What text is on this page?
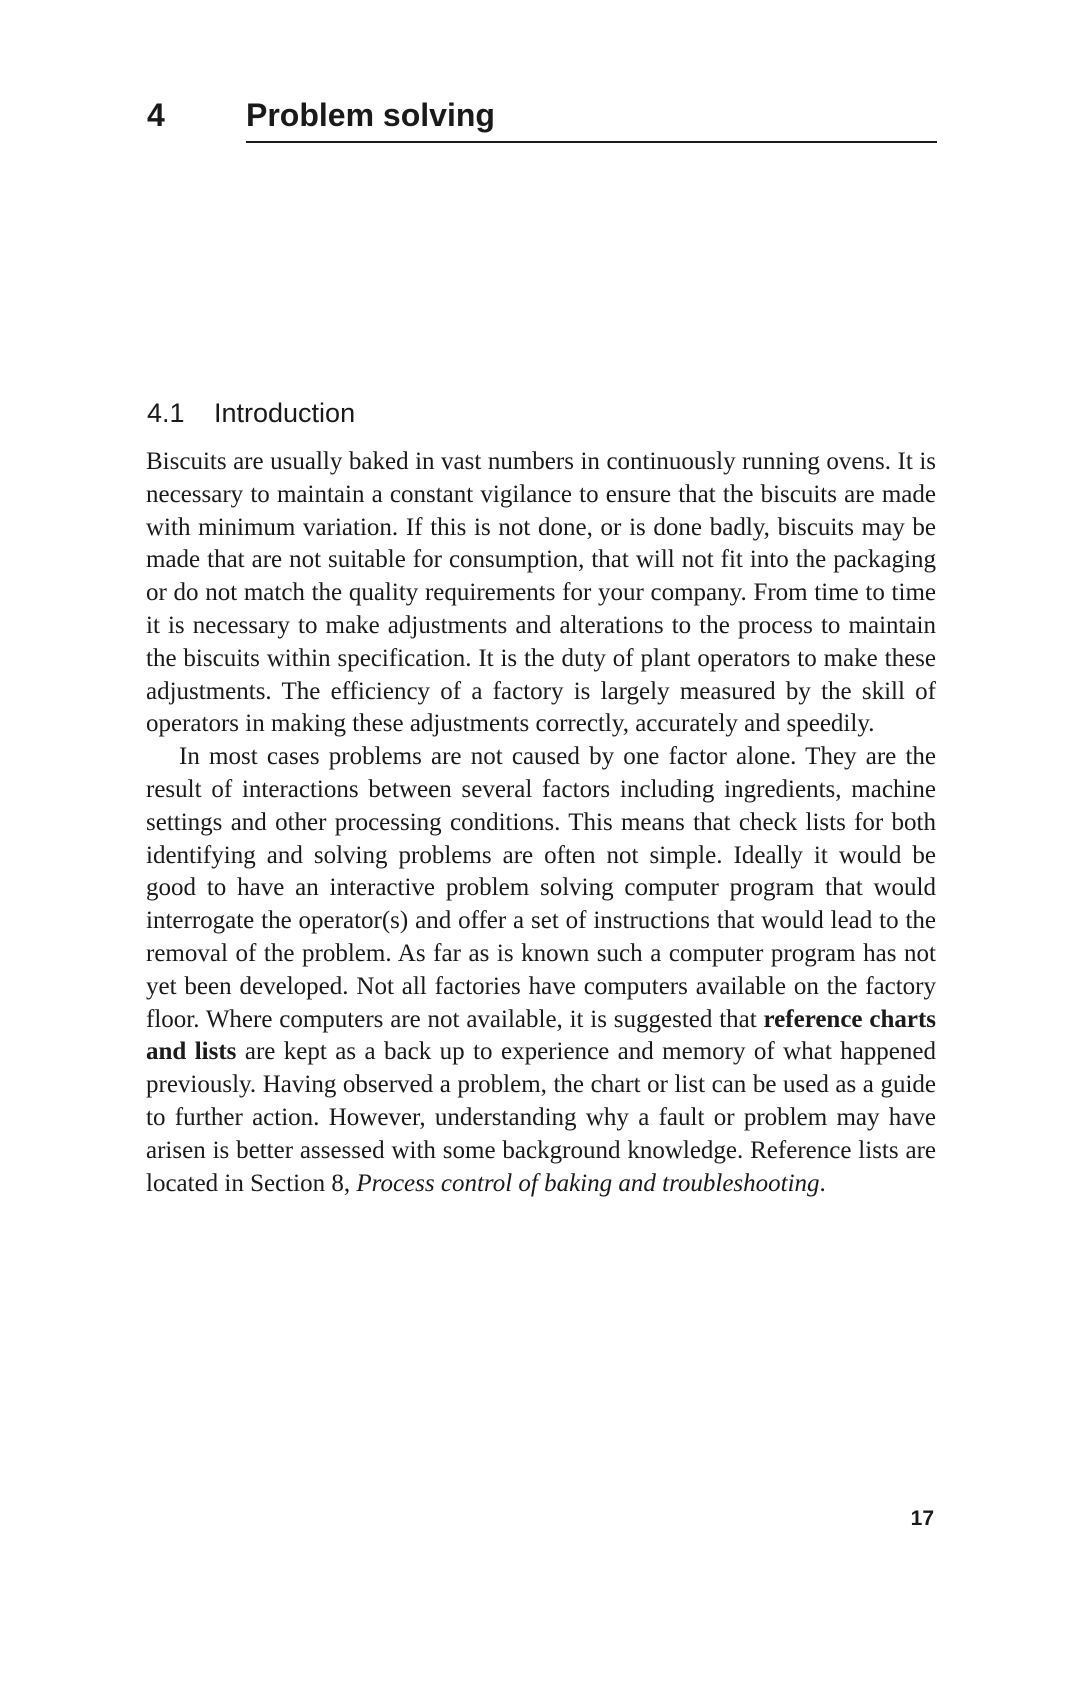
4	Problem solving
4.1 Introduction

Biscuits are usually baked in vast numbers in continuously running ovens. It is necessary to maintain a constant vigilance to ensure that the biscuits are made with minimum variation. If this is not done, or is done badly, biscuits may be made that are not suitable for consumption, that will not fit into the packaging or do not match the quality requirements for your company. From time to time it is necessary to make adjustments and alterations to the process to maintain the biscuits within specification. It is the duty of plant operators to make these adjustments. The efficiency of a factory is largely measured by the skill of operators in making these adjustments correctly, accurately and speedily.

In most cases problems are not caused by one factor alone. They are the result of interactions between several factors including ingredients, machine settings and other processing conditions. This means that check lists for both identifying and solving problems are often not simple. Ideally it would be good to have an interactive problem solving computer program that would interrogate the operator(s) and offer a set of instructions that would lead to the removal of the problem. As far as is known such a computer program has not yet been developed. Not all factories have computers available on the factory floor. Where computers are not available, it is suggested that reference charts and lists are kept as a back up to experience and memory of what happened previously. Having observed a problem, the chart or list can be used as a guide to further action. However, understanding why a fault or problem may have arisen is better assessed with some background knowledge. Reference lists are located in Section 8, Process control of baking and troubleshooting.

17
